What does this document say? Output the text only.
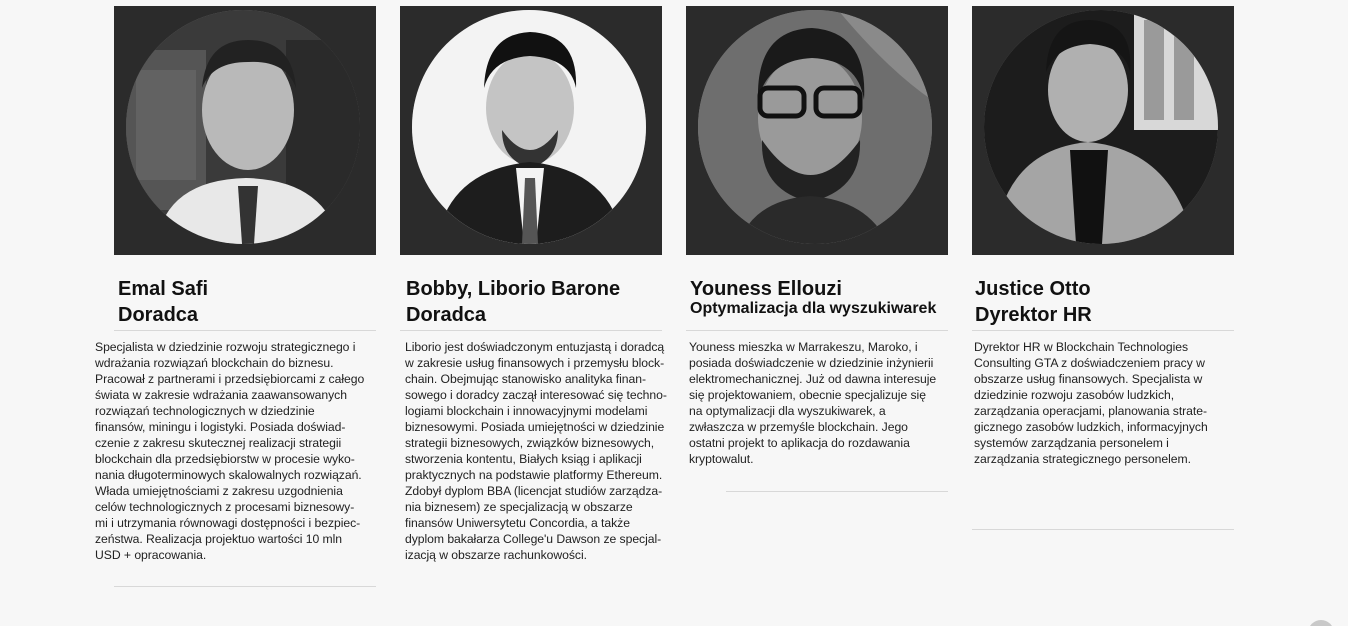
Emal Safi
Doradca
Specjalista w dziedzinie rozwoju strategicznego i
wdrażania rozwiązań blockchain do biznesu.
Pracował z partnerami i przedsiębiorcami z całego
świata w zakresie wdrażania zaawansowanych
rozwiązań technologicznych w dziedzinie
finansów, miningu i logistyki. Posiada doświad-
czenie z zakresu skutecznej realizacji strategii
blockchain dla przedsiębiorstw w procesie wyko-
nania długoterminowych skalowalnych rozwiązań.
Włada umiejętnościami z zakresu uzgodnienia
celów technologicznych z procesami biznesowy-
mi i utrzymania równowagi dostępności i bezpiec-
zeństwa. Realizacja projektuo wartości 10 mln
USD + opracowania.
Bobby, Liborio Barone
Doradca
Liborio jest doświadczonym entuzjastą i doradcą
w zakresie usług finansowych i przemysłu block-
chain. Obejmując stanowisko analityka finan-
sowego i doradcy zaczął interesować się techno-
logiami blockchain i innowacyjnymi modelami
biznesowymi. Posiada umiejętności w dziedzinie
strategii biznesowych, związków biznesowych,
stworzenia kontentu, Białych ksiąg i aplikacji
praktycznych na podstawie platformy Ethereum.
Zdobył dyplom BBA (licencjat studiów zarządza-
nia biznesem) ze specjalizacją w obszarze
finansów Uniwersytetu Concordia, a także
dyplom bakałarza College'u Dawson ze specjal-
izacją w obszarze rachunkowości.
Youness Ellouzi
Optymalizacja dla wyszukiwarek
Youness mieszka w Marrakeszu, Maroko, i
posiada doświadczenie w dziedzinie inżynierii
elektromechanicznej. Już od dawna interesuje
się projektowaniem, obecnie specjalizuje się
na optymalizacji dla wyszukiwarek, a
zwłaszcza w przemyśle blockchain. Jego
ostatni projekt to aplikacja do rozdawania
kryptowalut.
Justice Otto
Dyrektor HR
Dyrektor HR w Blockchain Technologies
Consulting GTA z doświadczeniem pracy w
obszarze usług finansowych. Specjalista w
dziedzinie rozwoju zasobów ludzkich,
zarządzania operacjami, planowania strate-
gicznego zasobów ludzkich, informacyjnych
systemów zarządzania personelem i
zarządzania strategicznego personelem.
